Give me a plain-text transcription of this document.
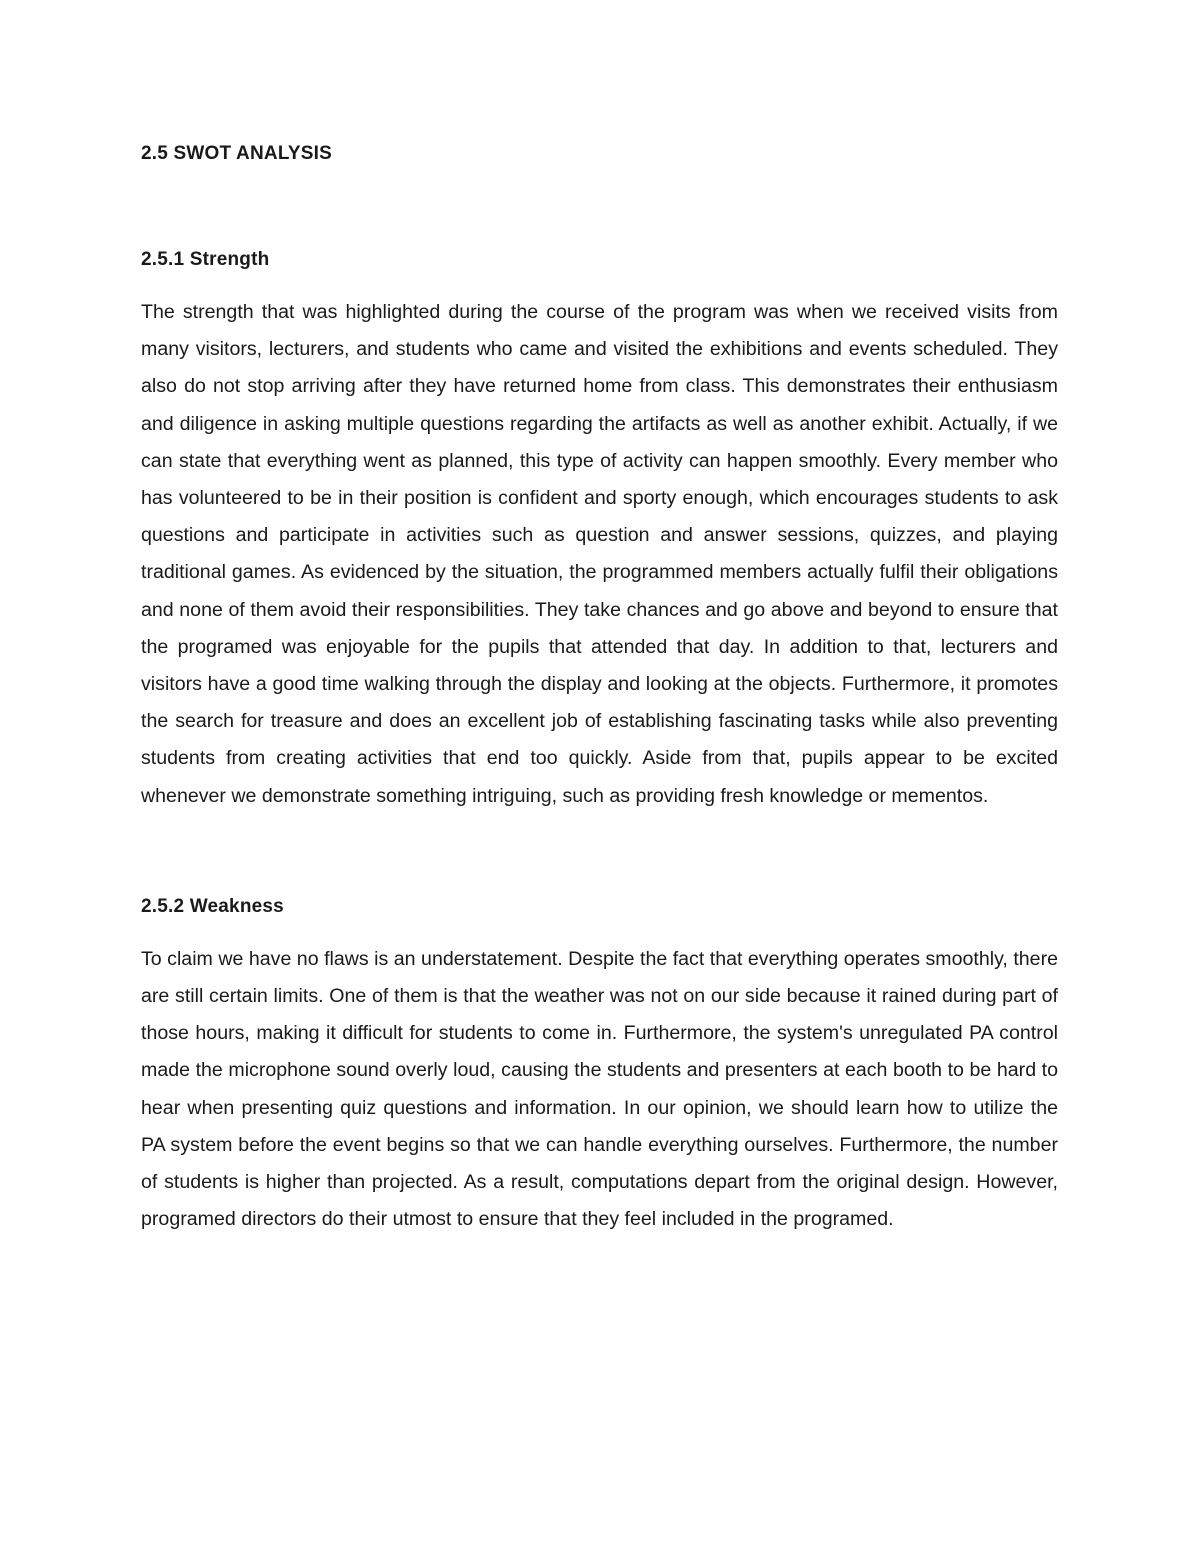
2.5 SWOT ANALYSIS
2.5.1 Strength

The strength that was highlighted during the course of the program was when we received visits from many visitors, lecturers, and students who came and visited the exhibitions and events scheduled. They also do not stop arriving after they have returned home from class. This demonstrates their enthusiasm and diligence in asking multiple questions regarding the artifacts as well as another exhibit. Actually, if we can state that everything went as planned, this type of activity can happen smoothly. Every member who has volunteered to be in their position is confident and sporty enough, which encourages students to ask questions and participate in activities such as question and answer sessions, quizzes, and playing traditional games. As evidenced by the situation, the programmed members actually fulfil their obligations and none of them avoid their responsibilities. They take chances and go above and beyond to ensure that the programed was enjoyable for the pupils that attended that day. In addition to that, lecturers and visitors have a good time walking through the display and looking at the objects. Furthermore, it promotes the search for treasure and does an excellent job of establishing fascinating tasks while also preventing students from creating activities that end too quickly. Aside from that, pupils appear to be excited whenever we demonstrate something intriguing, such as providing fresh knowledge or mementos.

2.5.2 Weakness

To claim we have no flaws is an understatement. Despite the fact that everything operates smoothly, there are still certain limits. One of them is that the weather was not on our side because it rained during part of those hours, making it difficult for students to come in. Furthermore, the system's unregulated PA control made the microphone sound overly loud, causing the students and presenters at each booth to be hard to hear when presenting quiz questions and information. In our opinion, we should learn how to utilize the PA system before the event begins so that we can handle everything ourselves. Furthermore, the number of students is higher than projected. As a result, computations depart from the original design. However, programed directors do their utmost to ensure that they feel included in the programed.
